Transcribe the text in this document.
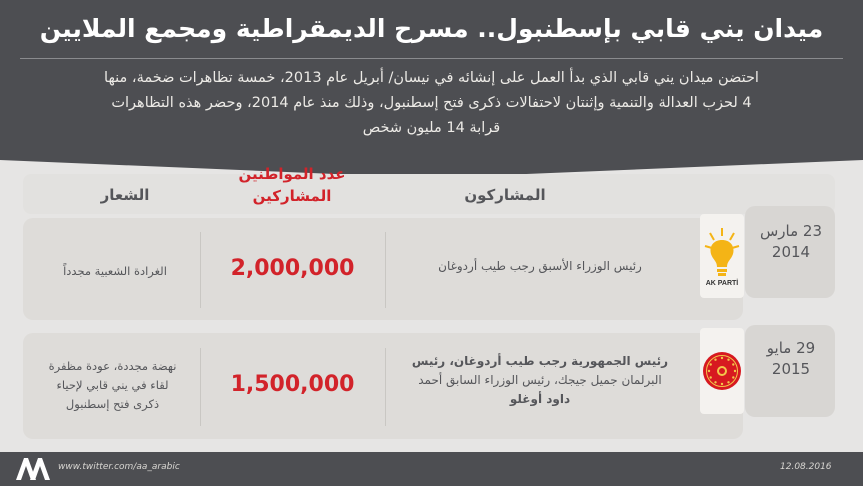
ميدان يني قابي بإسطنبول.. مسرح الديمقراطية ومجمع الملايين
احتضن ميدان يني قابي الذي بدأ العمل على إنشائه في نيسان/ أبريل عام 2013، خمسة تظاهرات ضخمة، منها
4 لحزب العدالة والتنمية وإثنتان لاحتفالات ذكرى فتح إسطنبول، وذلك منذ عام 2014، وحضر هذه التظاهرات
قرابة 14 مليون شخص
المشاركون
عدد المواطنين
المشاركين
الشعار
23 مارس
2014
AK PARTİ
رئيس الوزراء الأسبق رجب طيب أردوغان
2,000,000
الغرادة الشعبية مجدداً
29 مايو
2015
رئيس الجمهورية رجب طيب أردوغان، رئيس
البرلمان جميل جيجك، رئيس الوزراء السابق أحمد
داود أوغلو
1,500,000
نهضة مجددة، عودة مظفرة
لقاء في يني قابي لإحياء
ذكرى فتح إسطنبول
www.twitter.com/aa_arabic	12.08.2016
